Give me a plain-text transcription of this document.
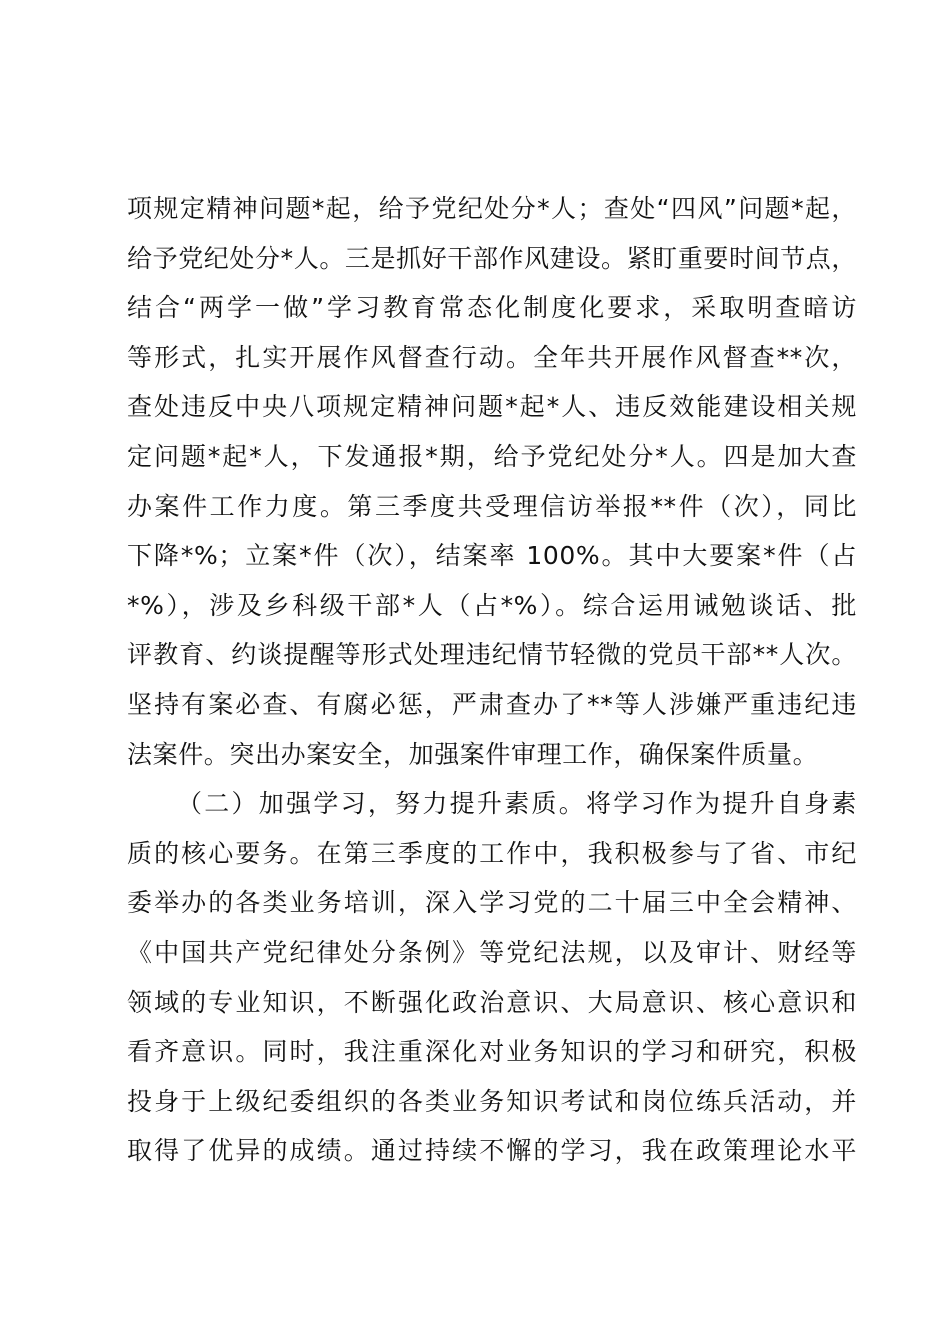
项规定精神问题*起，给予党纪处分*人；查处“四风”问题*起，
给予党纪处分*人。三是抓好干部作风建设。紧盯重要时间节点，
结合“两学一做”学习教育常态化制度化要求，采取明查暗访
等形式，扎实开展作风督查行动。全年共开展作风督查**次，
查处违反中央八项规定精神问题*起*人、违反效能建设相关规
定问题*起*人，下发通报*期，给予党纪处分*人。四是加大查
办案件工作力度。第三季度共受理信访举报**件（次），同比
下降*%；立案*件（次），结案率 100%。其中大要案*件（占
*%），涉及乡科级干部*人（占*%）。综合运用诫勉谈话、批
评教育、约谈提醒等形式处理违纪情节轻微的党员干部**人次。
坚持有案必查、有腐必惩，严肃查办了**等人涉嫌严重违纪违
法案件。突出办案安全，加强案件审理工作，确保案件质量。
（二）加强学习，努力提升素质。将学习作为提升自身素
质的核心要务。在第三季度的工作中，我积极参与了省、市纪
委举办的各类业务培训，深入学习党的二十届三中全会精神、
《中国共产党纪律处分条例》等党纪法规，以及审计、财经等
领域的专业知识，不断强化政治意识、大局意识、核心意识和
看齐意识。同时，我注重深化对业务知识的学习和研究，积极
投身于上级纪委组织的各类业务知识考试和岗位练兵活动，并
取得了优异的成绩。通过持续不懈的学习，我在政策理论水平
